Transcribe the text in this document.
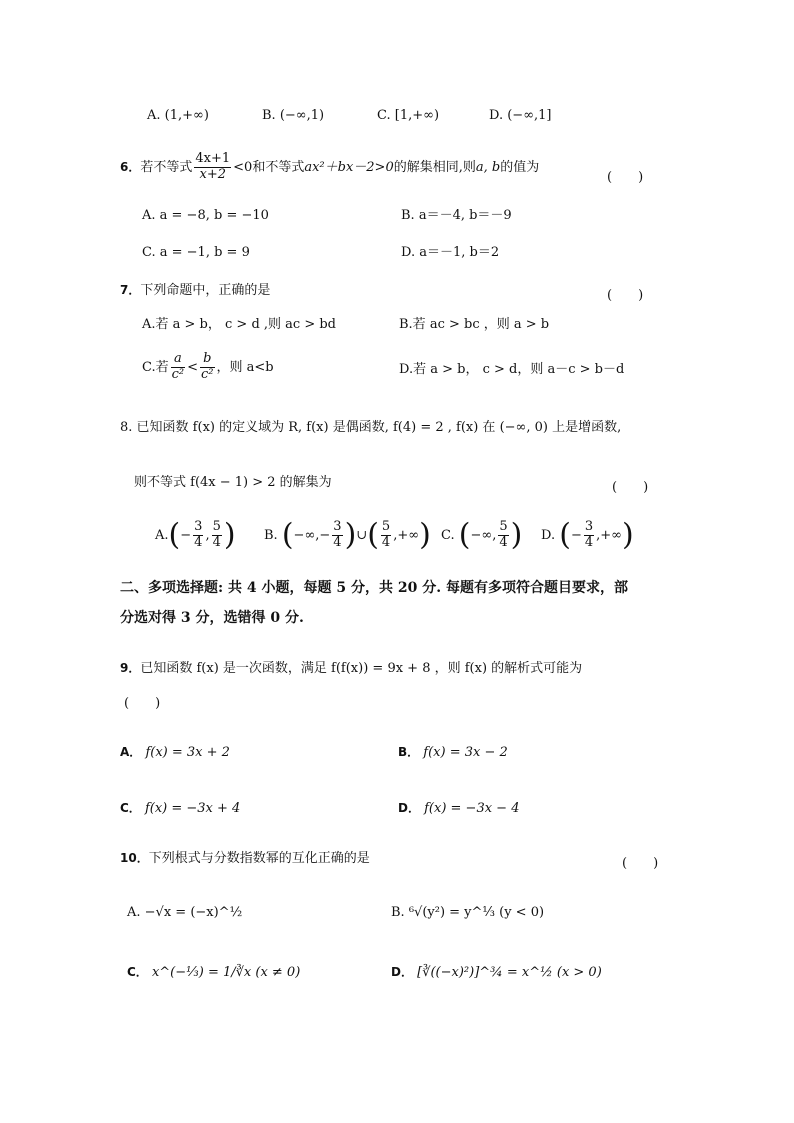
A. (1,+∞)	B. (−∞,1)	C. [1,+∞)	D. (−∞,1]
6．若不等式 $\frac{4x+1}{x+2} <0$和不等式ax²＋bx－2>0的解集相同,则a, b的值为
(　　)
A. a = −8, b = −10	B. a＝－4, b＝－9
C. a = −1, b = 9	D. a＝－1, b＝2
7．下列命题中，正确的是	(　　)
A.若 a > b， c > d ,则 ac > bd	B.若 ac > bc ，则 a > b
C.若 $\frac{a}{\text{c²}} < \frac{b}{\text{c²}}$ ，则 a<b	D.若 a > b， c > d，则 a－c > b－d
8. 已知函数 f(x) 的定义域为 R, f(x) 是偶函数, f(4) = 2 , f(x) 在 (−∞, 0) 上是增函数,
则不等式 f(4x − 1) > 2 的解集为	(　　)
$A.(- \frac{3}{4}$ , $\frac{5}{4}$ ) B. (−∞,− $\frac{3}{4}$ )∪( $\frac{5}{4}$ ,+∞) C. (−∞, $\frac{5}{4}$ ) D. (− $\frac{3}{4}$ ,+∞)
二、多项选择题: 共 4 小题，每题 5 分，共 20 分. 每题有多项符合题目要求，部
分选对得 3 分，选错得 0 分.
9．已知函数 f(x) 是一次函数，满足 f(f(x)) = 9x + 8 ，则 f(x) 的解析式可能为
(　　)
A． f(x) = 3x + 2	B． f(x) = 3x − 2
C． f(x) = −3x + 4	D． f(x) = −3x − 4
10．下列根式与分数指数幂的互化正确的是	(　　)
A. −√x = (−x)^½	B. ⁶√(y²) = y^⅓ (y < 0)
C． x^(−⅓) = 1/∛x (x ≠ 0)	D． [∛((−x)²)]^¾ = x^½ (x > 0)
